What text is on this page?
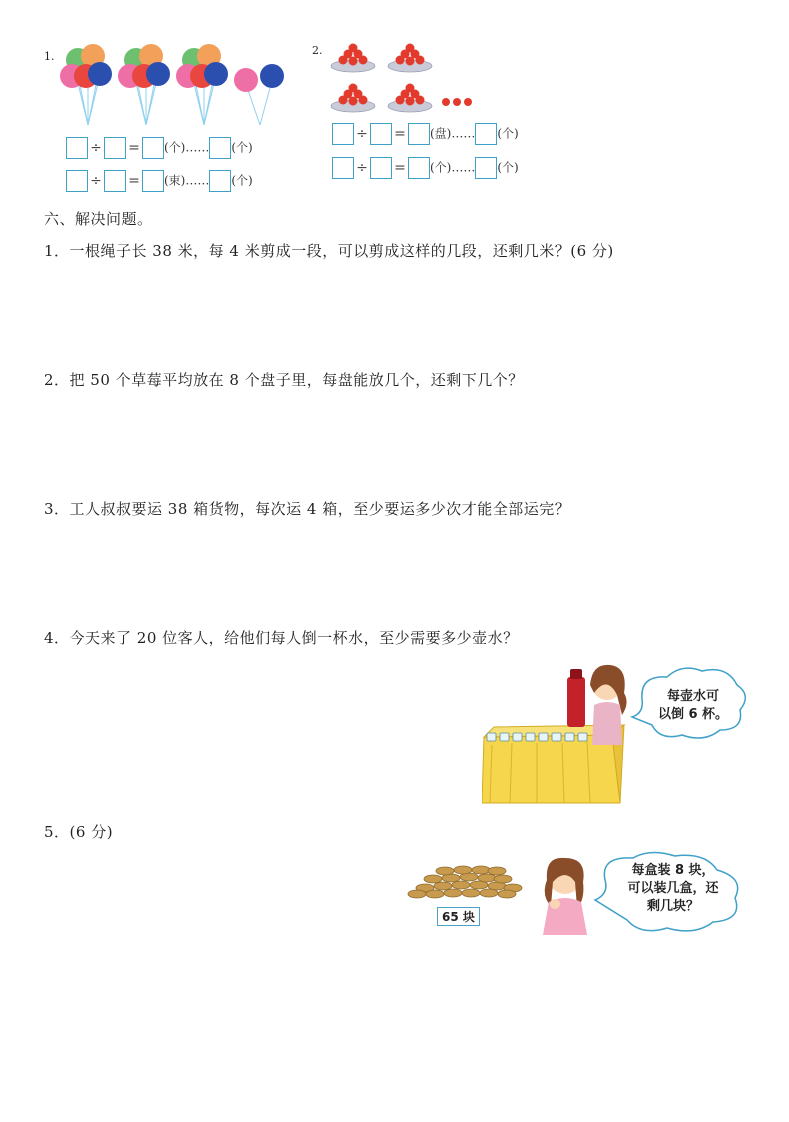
1.
÷ = (个)…… (个)
÷ = (束)…… (个)
2.
÷ = (盘)…… (个)
÷ = (个)…… (个)
六、解决问题。
1．一根绳子长 38 米，每 4 米剪成一段，可以剪成这样的几段，还剩几米？(6 分)
2．把 50 个草莓平均放在 8 个盘子里，每盘能放几个，还剩下几个？
3．工人叔叔要运 38 箱货物，每次运 4 箱，至少要运多少次才能全部运完？
4．今天来了 20 位客人，给他们每人倒一杯水，至少需要多少壶水？
每壶水可
以倒 6 杯。
5．(6 分)
65 块
每盒装 8 块，
可以装几盒，还
剩几块？
